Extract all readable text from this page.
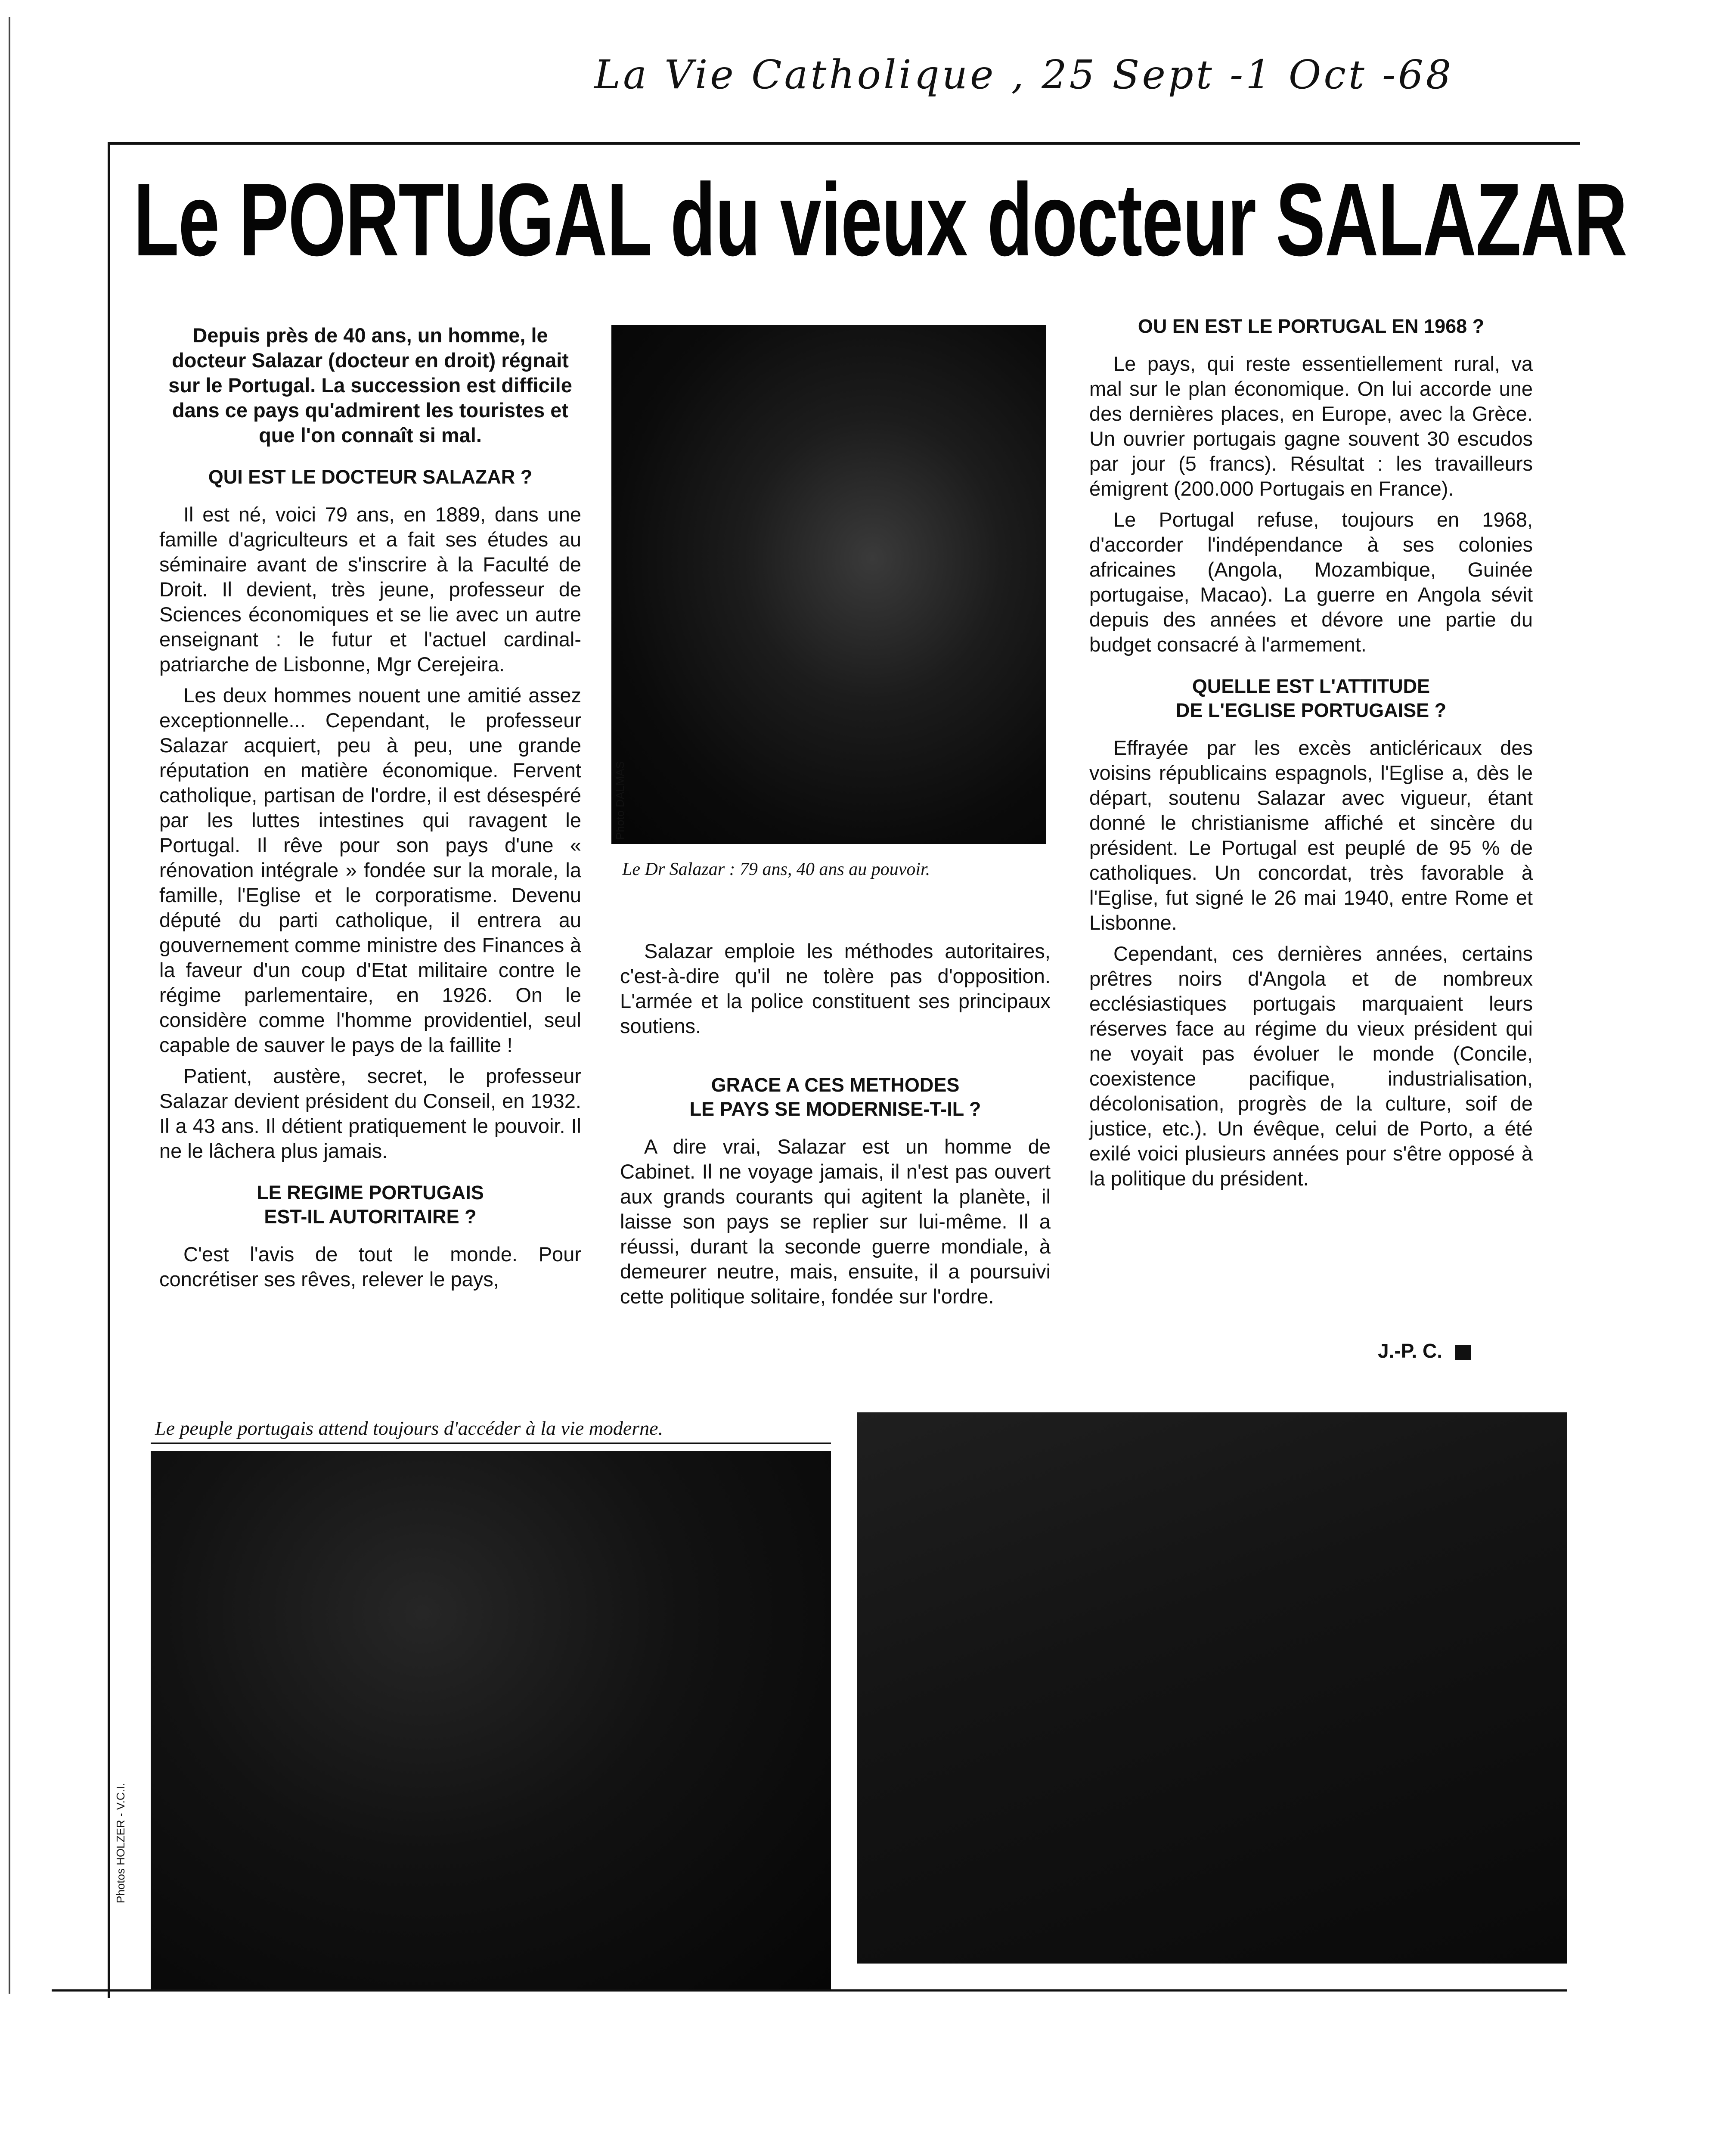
La Vie Catholique , 25 Sept -1 Oct -68
Le PORTUGAL du vieux docteur SALAZAR

Depuis près de 40 ans, un homme, le docteur Salazar (docteur en droit) régnait sur le Portugal. La succession est difficile dans ce pays qu'admirent les touristes et que l'on connaît si mal.

QUI EST LE DOCTEUR SALAZAR ?

Il est né, voici 79 ans, en 1889, dans une famille d'agriculteurs et a fait ses études au séminaire avant de s'inscrire à la Faculté de Droit. Il devient, très jeune, professeur de Sciences économiques et se lie avec un autre enseignant : le futur et l'actuel cardinal-patriarche de Lisbonne, Mgr Cerejeira.

Les deux hommes nouent une amitié assez exceptionnelle... Cependant, le professeur Salazar acquiert, peu à peu, une grande réputation en matière économique. Fervent catholique, partisan de l'ordre, il est désespéré par les luttes intestines qui ravagent le Portugal. Il rêve pour son pays d'une « rénovation intégrale » fondée sur la morale, la famille, l'Eglise et le corporatisme. Devenu député du parti catholique, il entrera au gouvernement comme ministre des Finances à la faveur d'un coup d'Etat militaire contre le régime parlementaire, en 1926. On le considère comme l'homme providentiel, seul capable de sauver le pays de la faillite !

Patient, austère, secret, le professeur Salazar devient président du Conseil, en 1932. Il a 43 ans. Il détient pratiquement le pouvoir. Il ne le lâchera plus jamais.

LE REGIME PORTUGAIS
EST-IL AUTORITAIRE ?

C'est l'avis de tout le monde. Pour concrétiser ses rêves, relever le pays,

Photo DALMAS
Le Dr Salazar : 79 ans, 40 ans au pouvoir.

Salazar emploie les méthodes autoritaires, c'est-à-dire qu'il ne tolère pas d'opposition. L'armée et la police constituent ses principaux soutiens.

GRACE A CES METHODES
LE PAYS SE MODERNISE-T-IL ?

A dire vrai, Salazar est un homme de Cabinet. Il ne voyage jamais, il n'est pas ouvert aux grands courants qui agitent la planète, il laisse son pays se replier sur lui-même. Il a réussi, durant la seconde guerre mondiale, à demeurer neutre, mais, ensuite, il a poursuivi cette politique solitaire, fondée sur l'ordre.

OU EN EST LE PORTUGAL EN 1968 ?

Le pays, qui reste essentiellement rural, va mal sur le plan économique. On lui accorde une des dernières places, en Europe, avec la Grèce. Un ouvrier portugais gagne souvent 30 escudos par jour (5 francs). Résultat : les travailleurs émigrent (200.000 Portugais en France).

Le Portugal refuse, toujours en 1968, d'accorder l'indépendance à ses colonies africaines (Angola, Mozambique, Guinée portugaise, Macao). La guerre en Angola sévit depuis des années et dévore une partie du budget consacré à l'armement.

QUELLE EST L'ATTITUDE
DE L'EGLISE PORTUGAISE ?

Effrayée par les excès anticléricaux des voisins républicains espagnols, l'Eglise a, dès le départ, soutenu Salazar avec vigueur, étant donné le christianisme affiché et sincère du président. Le Portugal est peuplé de 95 % de catholiques. Un concordat, très favorable à l'Eglise, fut signé le 26 mai 1940, entre Rome et Lisbonne.

Cependant, ces dernières années, certains prêtres noirs d'Angola et de nombreux ecclésiastiques portugais marquaient leurs réserves face au régime du vieux président qui ne voyait pas évoluer le monde (Concile, coexistence pacifique, industrialisation, décolonisation, progrès de la culture, soif de justice, etc.). Un évêque, celui de Porto, a été exilé voici plusieurs années pour s'être opposé à la politique du président.

J.-P. C.
Le peuple portugais attend toujours d'accéder à la vie moderne.
Photos HOLZER - V.C.I.
